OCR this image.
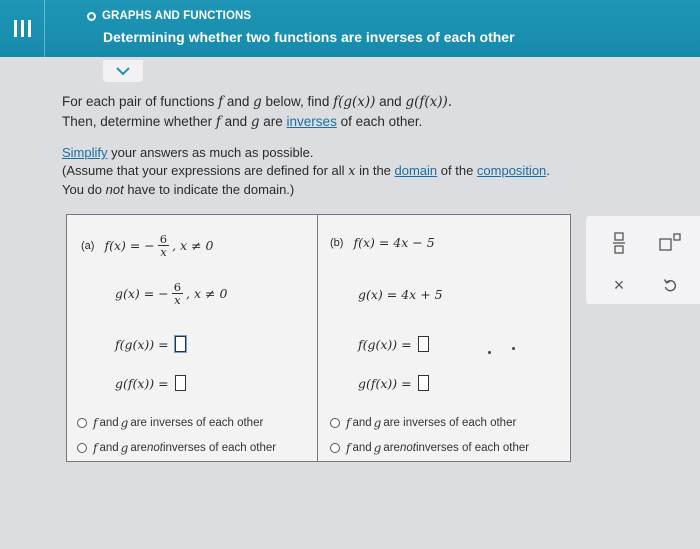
GRAPHS AND FUNCTIONS
Determining whether two functions are inverses of each other
For each pair of functions f and g below, find f(g(x)) and g(f(x)).
Then, determine whether f and g are inverses of each other.
Simplify your answers as much as possible.
(Assume that your expressions are defined for all x in the domain of the composition.
You do not have to indicate the domain.)
(a) f(x) = − $\frac{6}{x}$ , x ≠ 0
g(x) = − $\frac{6}{x}$ , x ≠ 0
f(g(x)) =
g(f(x)) =
f and g are inverses of each other
f and g are not inverses of each other
(b) f(x) = 4x − 5
g(x) = 4x + 5
f(g(x)) =
g(f(x)) =
f and g are inverses of each other
f and g are not inverses of each other
×
